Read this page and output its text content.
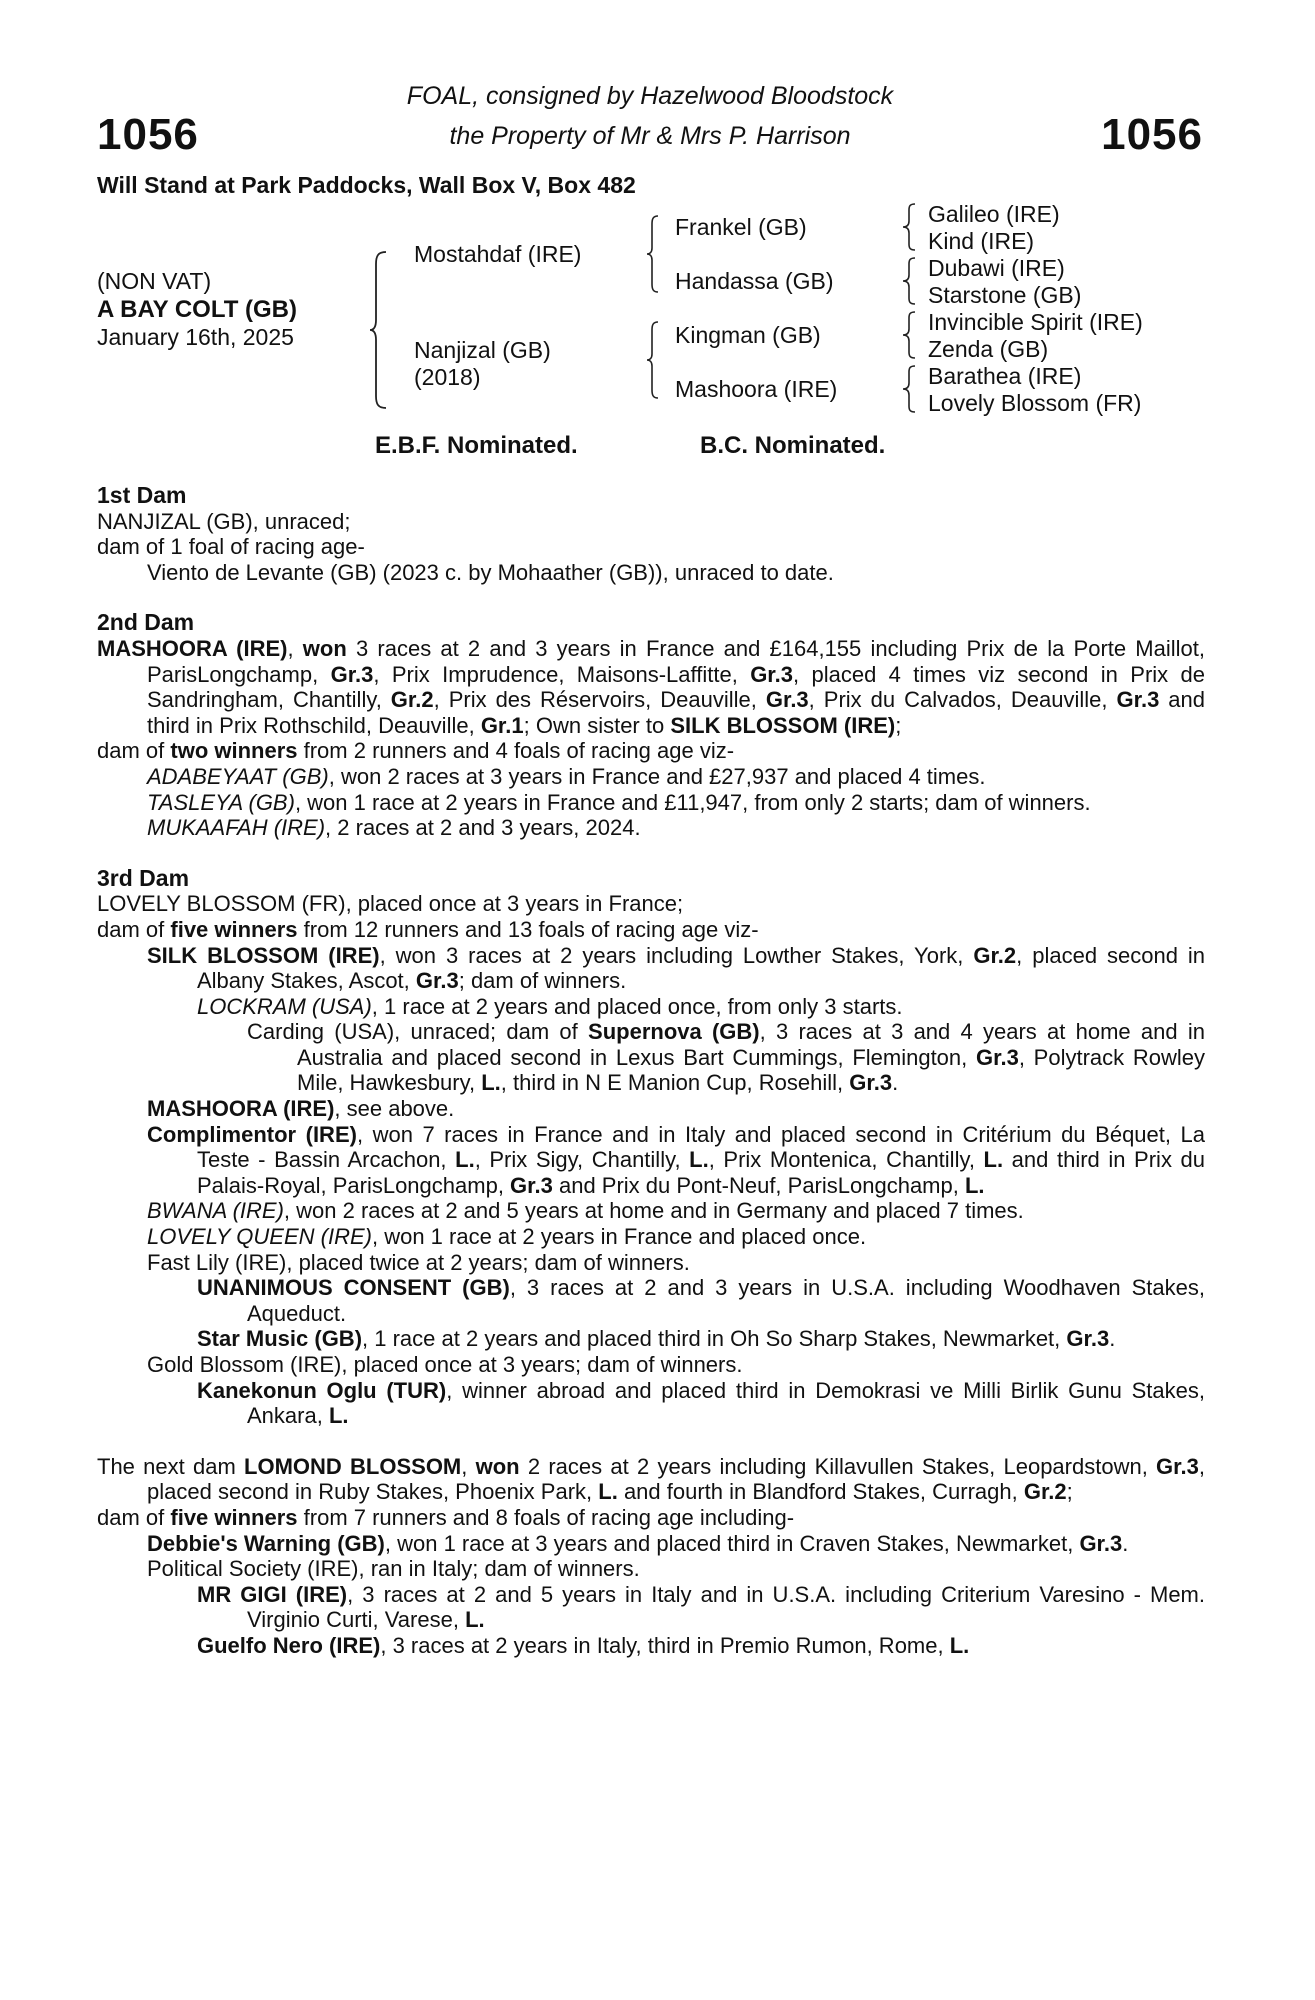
1056	1056
FOAL, consigned by Hazelwood Bloodstock
the Property of Mr & Mrs P. Harrison
Will Stand at Park Paddocks, Wall Box V, Box 482
(NON VAT)
A BAY COLT (GB)
January 16th, 2025
Mostahdaf (IRE)
Nanjizal (GB)
(2018)
Frankel (GB)
Handassa (GB)
Kingman (GB)
Mashoora (IRE)
Galileo (IRE)
Kind (IRE)
Dubawi (IRE)
Starstone (GB)
Invincible Spirit (IRE)
Zenda (GB)
Barathea (IRE)
Lovely Blossom (FR)
E.B.F. Nominated.	B.C. Nominated.

1st Dam

NANJIZAL (GB), unraced;

dam of 1 foal of racing age-

Viento de Levante (GB) (2023 c. by Mohaather (GB)), unraced to date.

2nd Dam

MASHOORA (IRE), won 3 races at 2 and 3 years in France and £164,155 including Prix de la Porte Maillot, ParisLongchamp, Gr.3, Prix Imprudence, Maisons-Laffitte, Gr.3, placed 4 times viz second in Prix de Sandringham, Chantilly, Gr.2, Prix des Réservoirs, Deauville, Gr.3, Prix du Calvados, Deauville, Gr.3 and third in Prix Rothschild, Deauville, Gr.1; Own sister to SILK BLOSSOM (IRE);

dam of two winners from 2 runners and 4 foals of racing age viz-

ADABEYAAT (GB), won 2 races at 3 years in France and £27,937 and placed 4 times.

TASLEYA (GB), won 1 race at 2 years in France and £11,947, from only 2 starts; dam of winners.

MUKAAFAH (IRE), 2 races at 2 and 3 years, 2024.

3rd Dam

LOVELY BLOSSOM (FR), placed once at 3 years in France;

dam of five winners from 12 runners and 13 foals of racing age viz-

SILK BLOSSOM (IRE), won 3 races at 2 years including Lowther Stakes, York, Gr.2, placed second in Albany Stakes, Ascot, Gr.3; dam of winners.

LOCKRAM (USA), 1 race at 2 years and placed once, from only 3 starts.

Carding (USA), unraced; dam of Supernova (GB), 3 races at 3 and 4 years at home and in Australia and placed second in Lexus Bart Cummings, Flemington, Gr.3, Polytrack Rowley Mile, Hawkesbury, L., third in N E Manion Cup, Rosehill, Gr.3.

MASHOORA (IRE), see above.

Complimentor (IRE), won 7 races in France and in Italy and placed second in Critérium du Béquet, La Teste - Bassin Arcachon, L., Prix Sigy, Chantilly, L., Prix Montenica, Chantilly, L. and third in Prix du Palais-Royal, ParisLongchamp, Gr.3 and Prix du Pont-Neuf, ParisLongchamp, L.

BWANA (IRE), won 2 races at 2 and 5 years at home and in Germany and placed 7 times.

LOVELY QUEEN (IRE), won 1 race at 2 years in France and placed once.

Fast Lily (IRE), placed twice at 2 years; dam of winners.

UNANIMOUS CONSENT (GB), 3 races at 2 and 3 years in U.S.A. including Woodhaven Stakes, Aqueduct.

Star Music (GB), 1 race at 2 years and placed third in Oh So Sharp Stakes, Newmarket, Gr.3.

Gold Blossom (IRE), placed once at 3 years; dam of winners.

Kanekonun Oglu (TUR), winner abroad and placed third in Demokrasi ve Milli Birlik Gunu Stakes, Ankara, L.

The next dam LOMOND BLOSSOM, won 2 races at 2 years including Killavullen Stakes, Leopardstown, Gr.3, placed second in Ruby Stakes, Phoenix Park, L. and fourth in Blandford Stakes, Curragh, Gr.2;

dam of five winners from 7 runners and 8 foals of racing age including-

Debbie's Warning (GB), won 1 race at 3 years and placed third in Craven Stakes, Newmarket, Gr.3.

Political Society (IRE), ran in Italy; dam of winners.

MR GIGI (IRE), 3 races at 2 and 5 years in Italy and in U.S.A. including Criterium Varesino - Mem. Virginio Curti, Varese, L.

Guelfo Nero (IRE), 3 races at 2 years in Italy, third in Premio Rumon, Rome, L.
